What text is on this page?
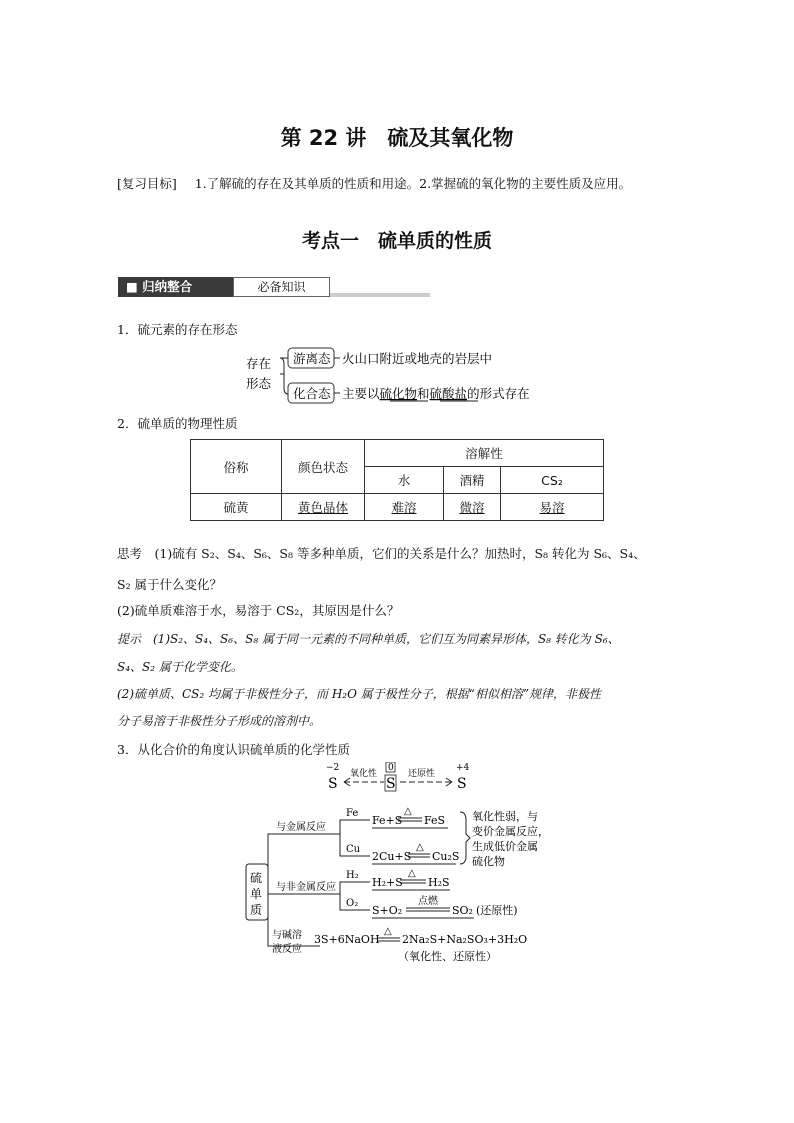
第 22 讲　硫及其氧化物
[复习目标] 1.了解硫的存在及其单质的性质和用途。2.掌握硫的氧化物的主要性质及应用。
考点一　硫单质的性质
■ 归纳整合	必备知识
1．硫元素的存在形态
存在
形态
游离态 火山口附近或地壳的岩层中
化合态 主要以硫化物和硫酸盐的形式存在
2．硫单质的物理性质
俗称	颜色状态	溶解性		
		水	酒精	CS₂
硫黄	黄色晶体	难溶	微溶	易溶
思考　(1)硫有 S₂、S₄、S₆、S₈ 等多种单质，它们的关系是什么？加热时，S₈ 转化为 S₆、S₄、
S₂ 属于什么变化？
(2)硫单质难溶于水，易溶于 CS₂，其原因是什么？
提示　(1)S₂、S₄、S₆、S₈ 属于同一元素的不同种单质，它们互为同素异形体，S₈ 转化为 S₆、
S₄、S₂ 属于化学变化。
(2)硫单质、CS₂ 均属于非极性分子，而 H₂O 属于极性分子，根据“相似相溶”规律，非极性
分子易溶于非极性分子形成的溶剂中。
3．从化合价的角度认识硫单质的化学性质
−2
S
氧化性
0
S
还原性
+4
S
硫
单
质
与金属反应
与非金属反应
与碱溶
液反应
Fe
Cu
Fe+S
△
FeS
2Cu+S
△
Cu₂S
氧化性弱，与
变价金属反应，
生成低价金属
硫化物
H₂
O₂
H₂+S
△
H₂S
S+O₂
点燃
SO₂ (还原性)
3S+6NaOH
△
2Na₂S+Na₂SO₃+3H₂O
（氧化性、还原性）
